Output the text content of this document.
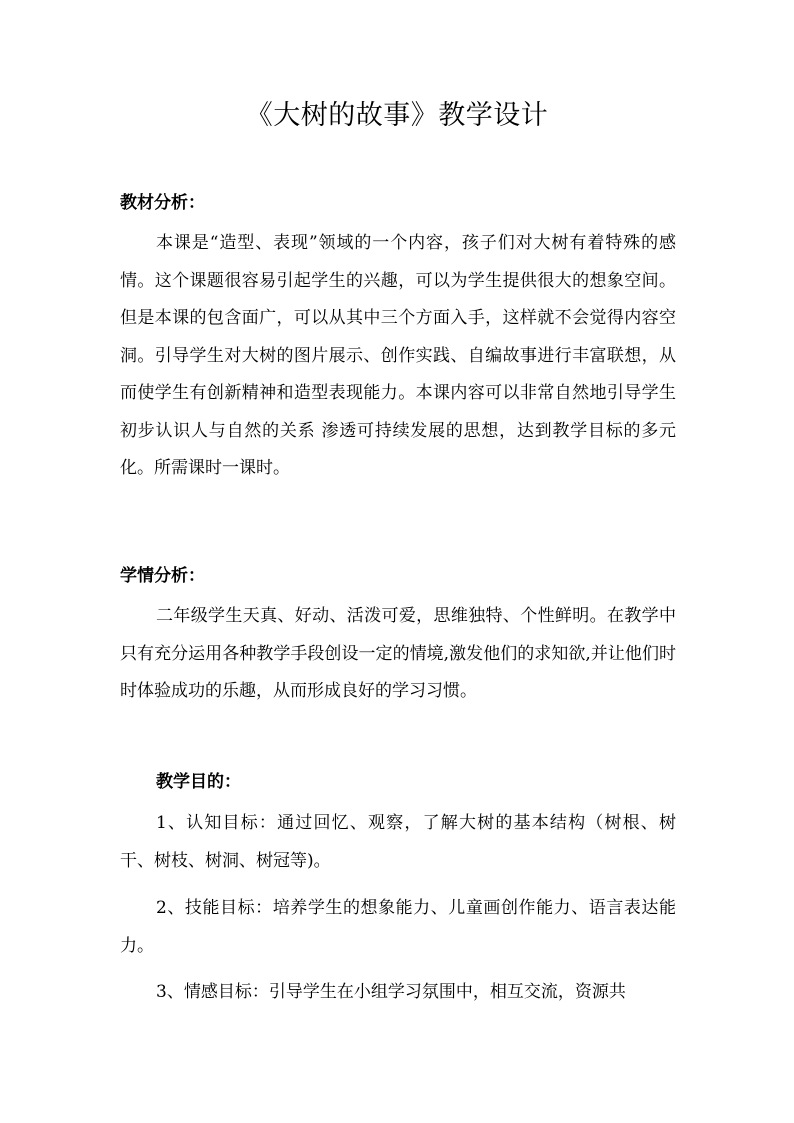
《大树的故事》教学设计
教材分析：

本课是“造型、表现”领域的一个内容，孩子们对大树有着特殊的感情。这个课题很容易引起学生的兴趣，可以为学生提供很大的想象空间。但是本课的包含面广，可以从其中三个方面入手，这样就不会觉得内容空洞。引导学生对大树的图片展示、创作实践、自编故事进行丰富联想，从而使学生有创新精神和造型表现能力。本课内容可以非常自然地引导学生初步认识人与自然的关系 渗透可持续发展的思想，达到教学目标的多元化。所需课时一课时。

学情分析：

二年级学生天真、好动、活泼可爱，思维独特、个性鲜明。在教学中只有充分运用各种教学手段创设一定的情境,激发他们的求知欲,并让他们时时体验成功的乐趣，从而形成良好的学习习惯。

教学目的：

1、认知目标：通过回忆、观察，了解大树的基本结构（树根、树干、树枝、树洞、树冠等)。

2、技能目标：培养学生的想象能力、儿童画创作能力、语言表达能力。

3、情感目标：引导学生在小组学习氛围中，相互交流，资源共
